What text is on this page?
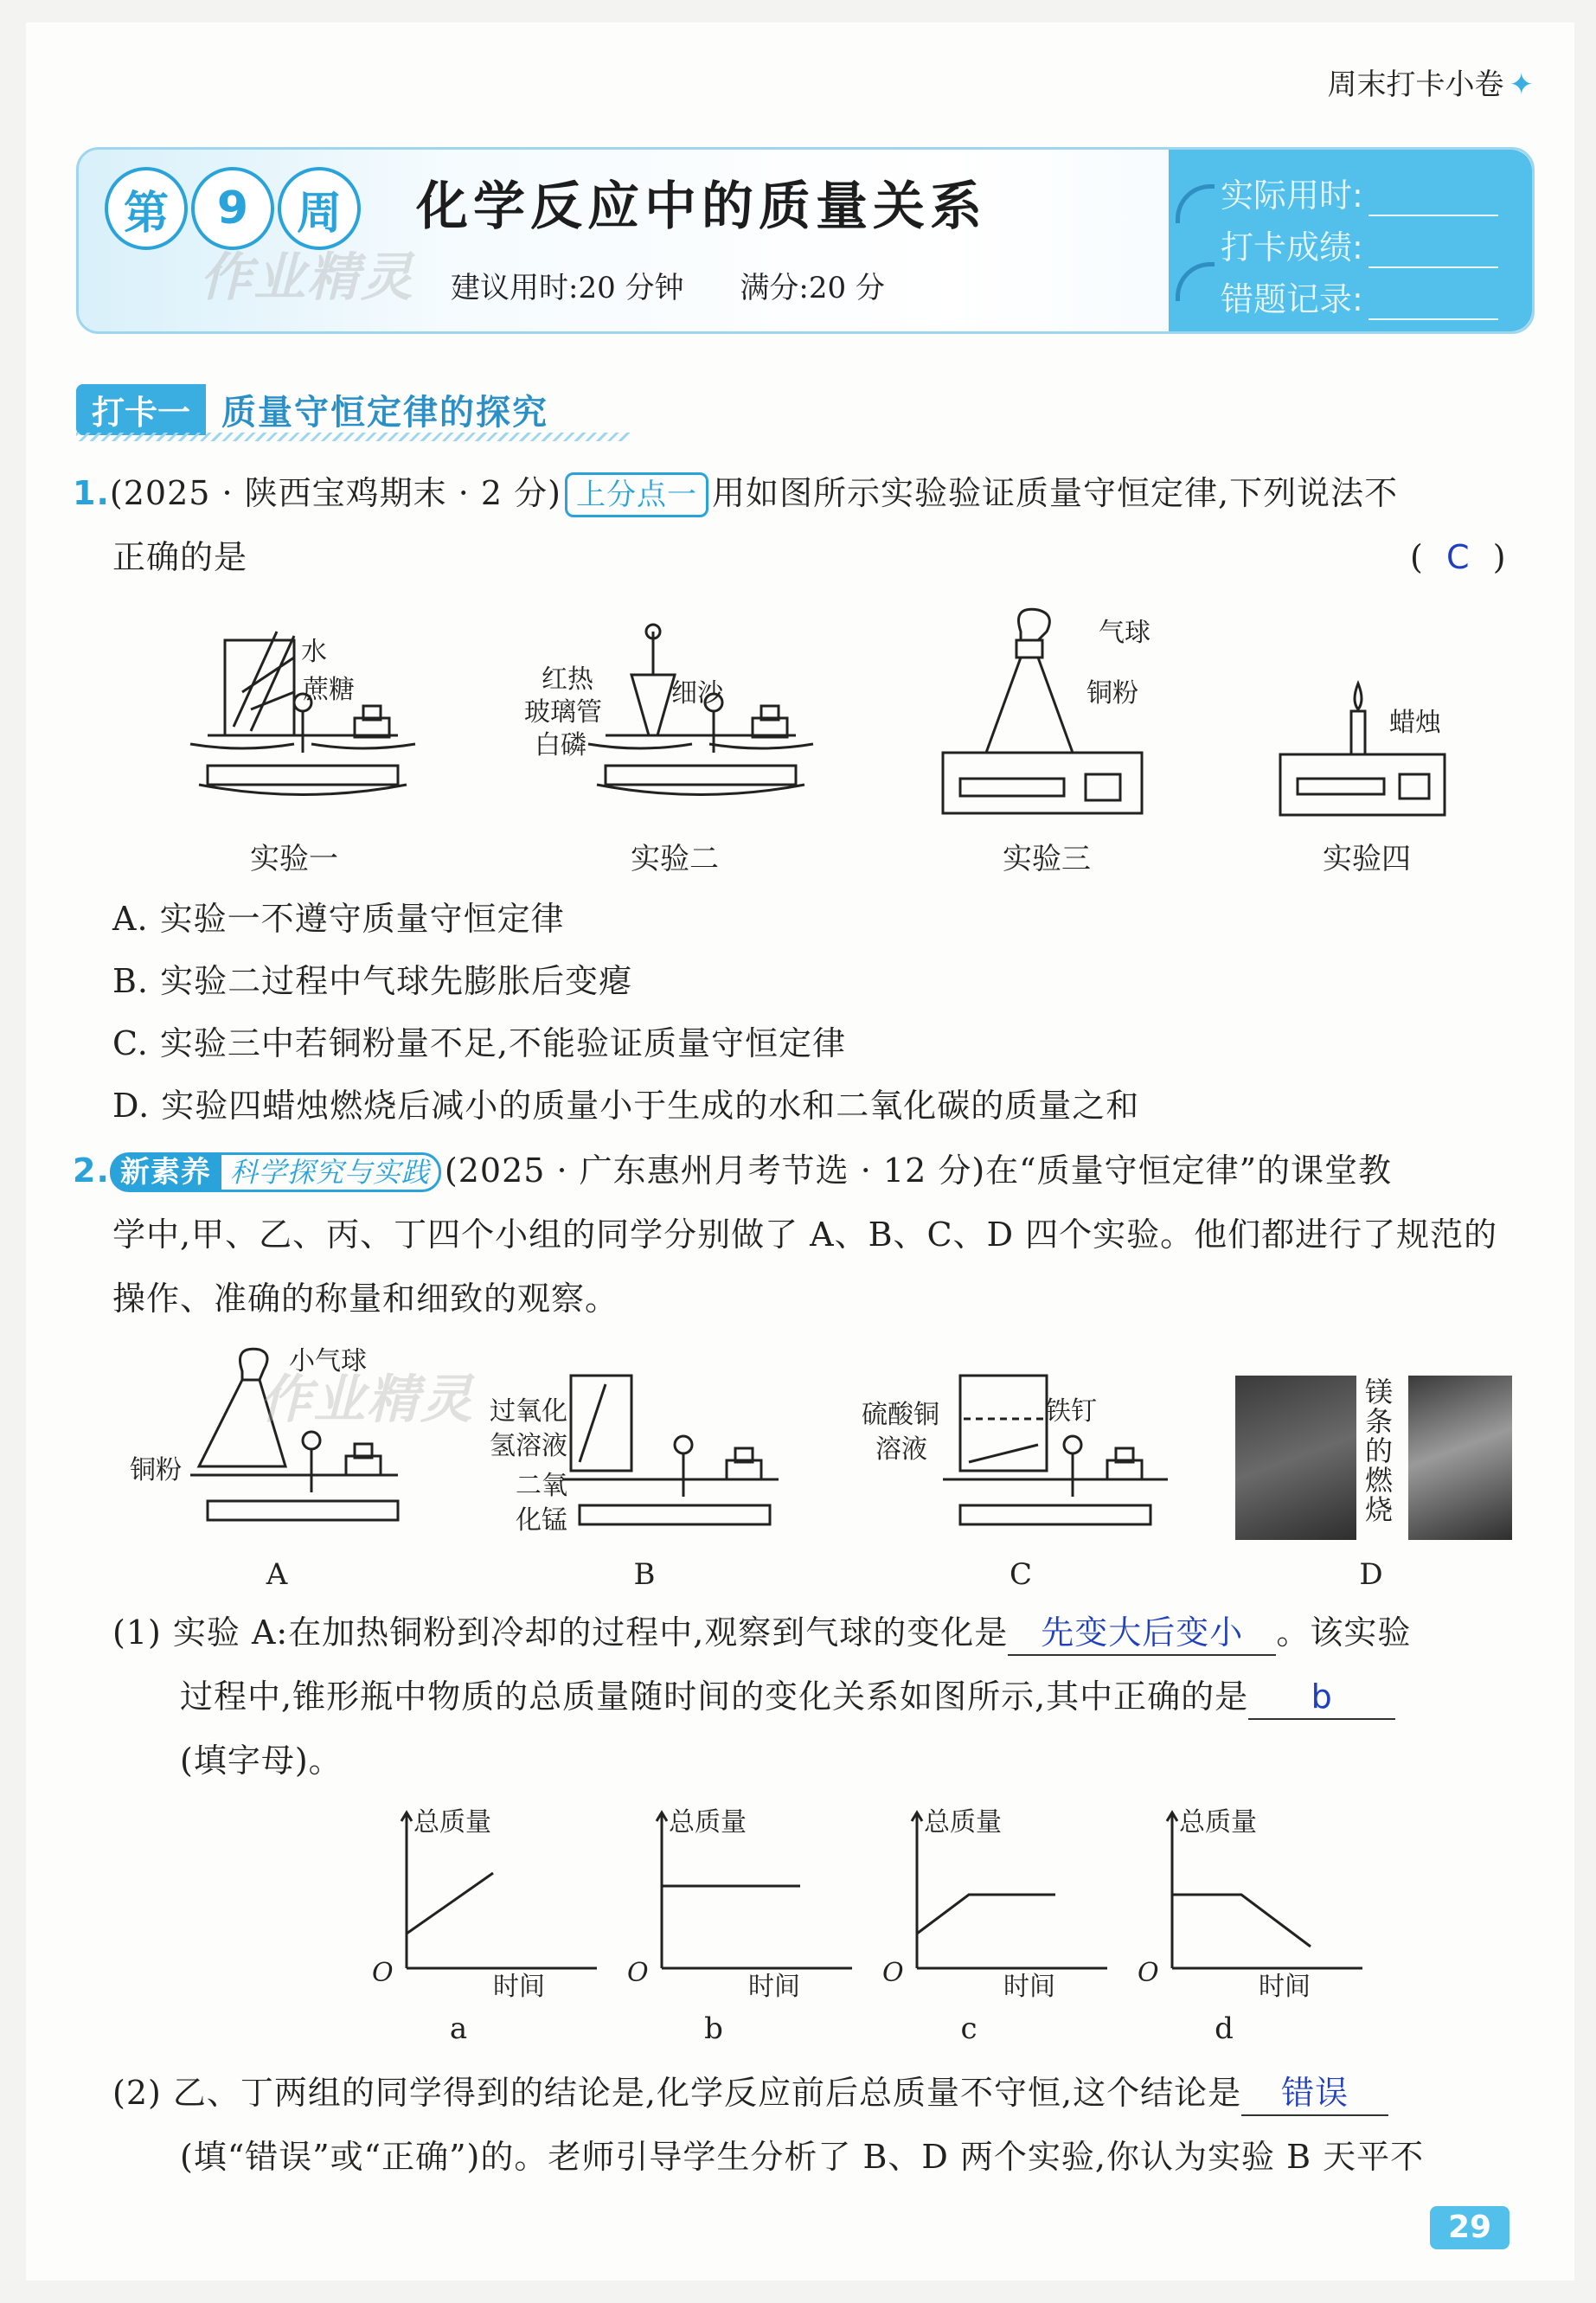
周末打卡小卷 ✦
第	9	周
作业精灵
化学反应中的质量关系
建议用时:20 分钟 满分:20 分
实际用时:
打卡成绩:
错题记录:
打卡一 质量守恒定律的探究
1.(2025 · 陕西宝鸡期末 · 2 分) 上分点一 用如图所示实验验证质量守恒定律,下列说法不
正确的是	( C )
水
蔗糖
实验一
红热
玻璃管
白磷
细沙
实验二
气球
铜粉
实验三
蜡烛
实验四
A. 实验一不遵守质量守恒定律
B. 实验二过程中气球先膨胀后变瘪
C. 实验三中若铜粉量不足,不能验证质量守恒定律
D. 实验四蜡烛燃烧后减小的质量小于生成的水和二氧化碳的质量之和
2. 新素养 科学探究与实践 (2025 · 广东惠州月考节选 · 12 分)在“质量守恒定律”的课堂教
学中,甲、乙、丙、丁四个小组的同学分别做了 A、B、C、D 四个实验。他们都进行了规范的
操作、准确的称量和细致的观察。
小气球
铜粉
作业精灵
A
过氧化
氢溶液
二氧
化锰
B
硫酸铜
溶液
铁钉
C
镁
条
的
燃
烧
D
(1) 实验 A:在加热铜粉到冷却的过程中,观察到气球的变化是 先变大后变小 。该实验
过程中,锥形瓶中物质的总质量随时间的变化关系如图所示,其中正确的是 b
(填字母)。
总质量
O	时间
a
总质量
O	时间
b
总质量
O	时间
c
总质量
O	时间
d
(2) 乙、丁两组的同学得到的结论是,化学反应前后总质量不守恒,这个结论是 错误
(填“错误”或“正确”)的。老师引导学生分析了 B、D 两个实验,你认为实验 B 天平不
29
